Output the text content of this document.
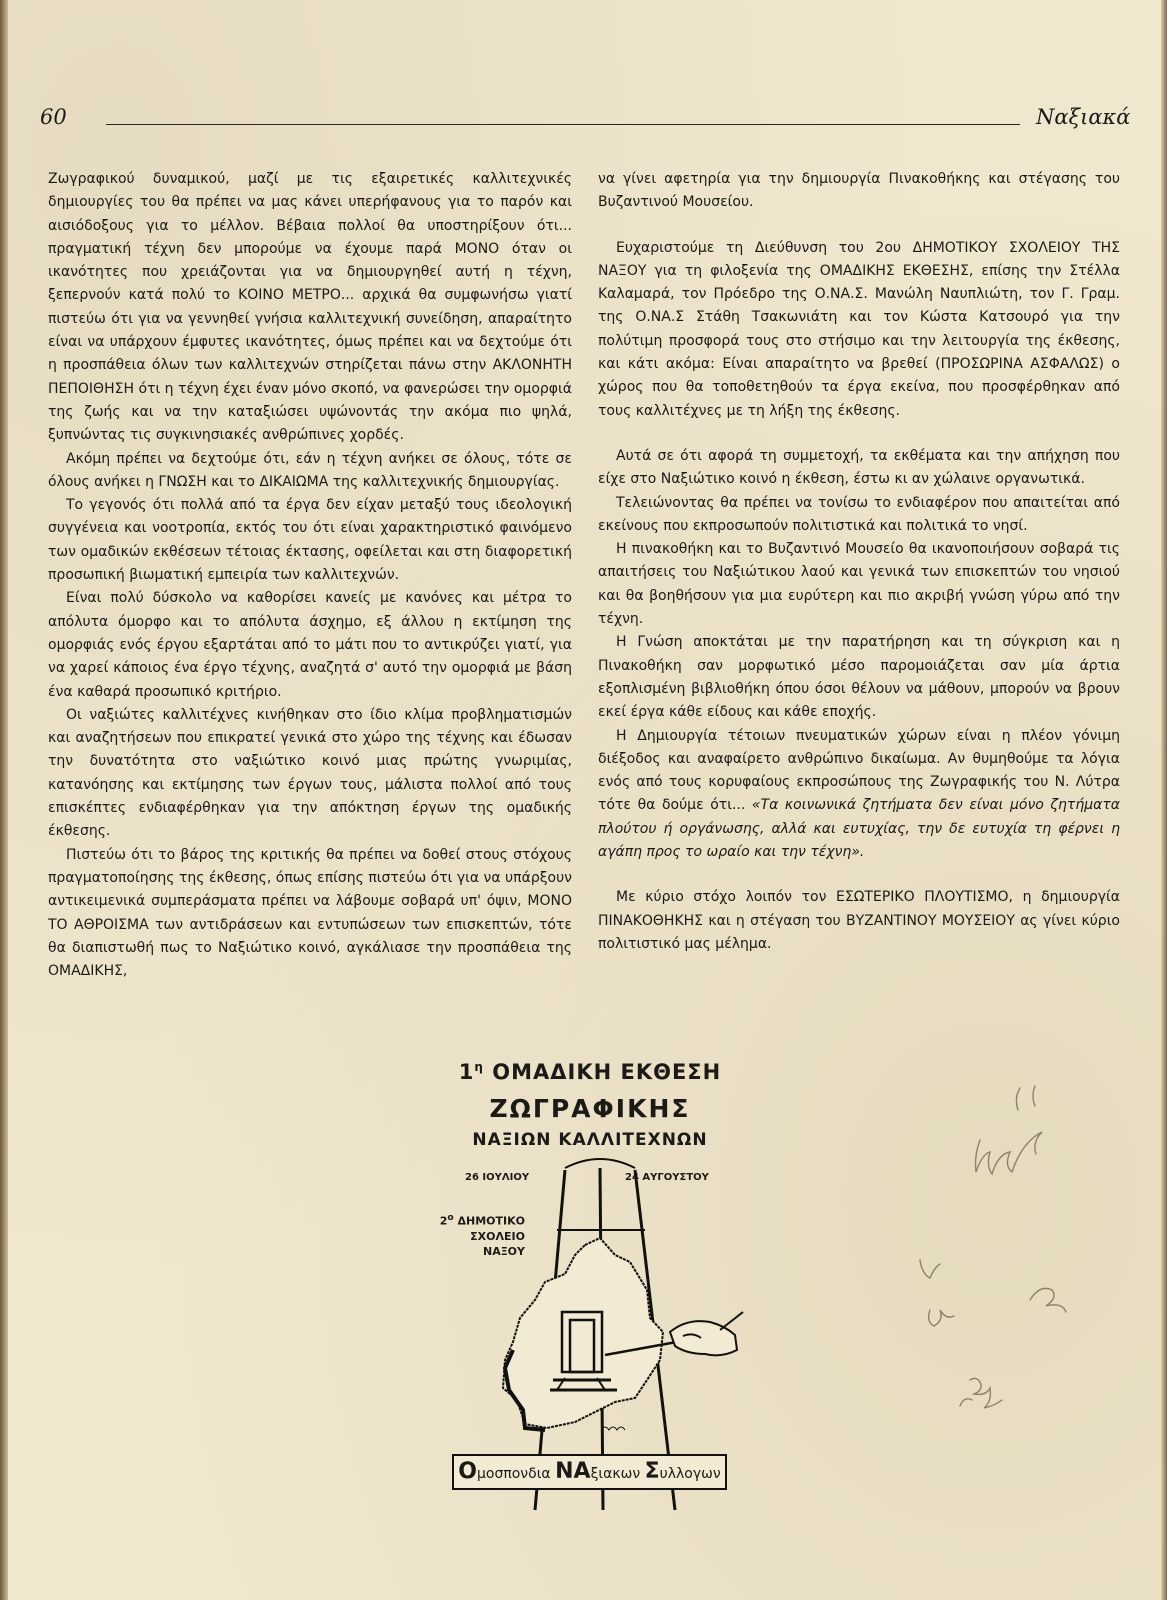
60	Ναξιακά

Ζωγραφικού δυναμικού, μαζί με τις εξαιρετικές καλλιτεχνικές δημιουργίες του θα πρέπει να μας κάνει υπερήφανους για το παρόν και αισιόδοξους για το μέλλον. Βέβαια πολλοί θα υποστηρίξουν ότι... πραγματική τέχνη δεν μπορούμε να έχουμε παρά ΜΟΝΟ όταν οι ικανότητες που χρειάζονται για να δημιουργηθεί αυτή η τέχνη, ξεπερνούν κατά πολύ το ΚΟΙΝΟ ΜΕΤΡΟ... αρχικά θα συμφωνήσω γιατί πιστεύω ότι για να γεννηθεί γνήσια καλλιτεχνική συνείδηση, απαραίτητο είναι να υπάρχουν έμφυτες ικανότητες, όμως πρέπει και να δεχτούμε ότι η προσπάθεια όλων των καλλιτεχνών στηρίζεται πάνω στην ΑΚΛΟΝΗΤΗ ΠΕΠΟΙΘΗΣΗ ότι η τέχνη έχει έναν μόνο σκοπό, να φανερώσει την ομορφιά της ζωής και να την καταξιώσει υψώνοντάς την ακόμα πιο ψηλά, ξυπνώντας τις συγκινησιακές ανθρώπινες χορδές.

Ακόμη πρέπει να δεχτούμε ότι, εάν η τέχνη ανήκει σε όλους, τότε σε όλους ανήκει η ΓΝΩΣΗ και το ΔΙΚΑΙΩΜΑ της καλλιτεχνικής δημιουργίας.

Το γεγονός ότι πολλά από τα έργα δεν είχαν μεταξύ τους ιδεολογική συγγένεια και νοοτροπία, εκτός του ότι είναι χαρακτηριστικό φαινόμενο των ομαδικών εκθέσεων τέτοιας έκτασης, οφείλεται και στη διαφορετική προσωπική βιωματική εμπειρία των καλλιτεχνών.

Είναι πολύ δύσκολο να καθορίσει κανείς με κανόνες και μέτρα το απόλυτα όμορφο και το απόλυτα άσχημο, εξ άλλου η εκτίμηση της ομορφιάς ενός έργου εξαρτάται από το μάτι που το αντικρύζει γιατί, για να χαρεί κάποιος ένα έργο τέχνης, αναζητά σ' αυτό την ομορφιά με βάση ένα καθαρά προσωπικό κριτήριο.

Οι ναξιώτες καλλιτέχνες κινήθηκαν στο ίδιο κλίμα προβληματισμών και αναζητήσεων που επικρατεί γενικά στο χώρο της τέχνης και έδωσαν την δυνατότητα στο ναξιώτικο κοινό μιας πρώτης γνωριμίας, κατανόησης και εκτίμησης των έργων τους, μάλιστα πολλοί από τους επισκέπτες ενδιαφέρθηκαν για την απόκτηση έργων της ομαδικής έκθεσης.

Πιστεύω ότι το βάρος της κριτικής θα πρέπει να δοθεί στους στόχους πραγματοποίησης της έκθεσης, όπως επίσης πιστεύω ότι για να υπάρξουν αντικειμενικά συμπεράσματα πρέπει να λάβουμε σοβαρά υπ' όψιν, ΜΟΝΟ ΤΟ ΑΘΡΟΙΣΜΑ των αντιδράσεων και εντυπώσεων των επισκεπτών, τότε θα διαπιστωθή πως το Ναξιώτικο κοινό, αγκάλιασε την προσπάθεια της ΟΜΑΔΙΚΗΣ,

να γίνει αφετηρία για την δημιουργία Πινακοθήκης και στέγασης του Βυζαντινού Μουσείου.

Ευχαριστούμε τη Διεύθυνση του 2ου ΔΗΜΟΤΙΚΟΥ ΣΧΟΛΕΙΟΥ ΤΗΣ ΝΑΞΟΥ για τη φιλοξενία της ΟΜΑΔΙΚΗΣ ΕΚΘΕΣΗΣ, επίσης την Στέλλα Καλαμαρά, τον Πρόεδρο της Ο.ΝΑ.Σ. Μανώλη Ναυπλιώτη, τον Γ. Γραμ. της Ο.ΝΑ.Σ Στάθη Τσακωνιάτη και τον Κώστα Κατσουρό για την πολύτιμη προσφορά τους στο στήσιμο και την λειτουργία της έκθεσης, και κάτι ακόμα: Είναι απαραίτητο να βρεθεί (ΠΡΟΣΩΡΙΝΑ ΑΣΦΑΛΩΣ) ο χώρος που θα τοποθετηθούν τα έργα εκείνα, που προσφέρθηκαν από τους καλλιτέχνες με τη λήξη της έκθεσης.

Αυτά σε ότι αφορά τη συμμετοχή, τα εκθέματα και την απήχηση που είχε στο Ναξιώτικο κοινό η έκθεση, έστω κι αν χώλαινε οργανωτικά.

Τελειώνοντας θα πρέπει να τονίσω το ενδιαφέρον που απαιτείται από εκείνους που εκπροσωπούν πολιτιστικά και πολιτικά το νησί.

Η πινακοθήκη και το Βυζαντινό Μουσείο θα ικανοποιήσουν σοβαρά τις απαιτήσεις του Ναξιώτικου λαού και γενικά των επισκεπτών του νησιού και θα βοηθήσουν για μια ευρύτερη και πιο ακριβή γνώση γύρω από την τέχνη.

Η Γνώση αποκτάται με την παρατήρηση και τη σύγκριση και η Πινακοθήκη σαν μορφωτικό μέσο παρομοιάζεται σαν μία άρτια εξοπλισμένη βιβλιοθήκη όπου όσοι θέλουν να μάθουν, μπορούν να βρουν εκεί έργα κάθε είδους και κάθε εποχής.

Η Δημιουργία τέτοιων πνευματικών χώρων είναι η πλέον γόνιμη διέξοδος και αναφαίρετο ανθρώπινο δικαίωμα. Αν θυμηθούμε τα λόγια ενός από τους κορυφαίους εκπροσώπους της Ζωγραφικής του Ν. Λύτρα τότε θα δούμε ότι... «Τα κοινωνικά ζητήματα δεν είναι μόνο ζητήματα πλούτου ή οργάνωσης, αλλά και ευτυχίας, την δε ευτυχία τη φέρνει η αγάπη προς το ωραίο και την τέχνη».

Με κύριο στόχο λοιπόν τον ΕΣΩΤΕΡΙΚΟ ΠΛΟΥΤΙΣΜΟ, η δημιουργία ΠΙΝΑΚΟΘΗΚΗΣ και η στέγαση του ΒΥΖΑΝΤΙΝΟΥ ΜΟΥΣΕΙΟΥ ας γίνει κύριο πολιτιστικό μας μέλημα.

$1^\eta$ ΟΜΑΔΙΚΗ ΕΚΘΕΣΗ
ΖΩΓΡΑΦΙΚΗΣ
ΝΑΞΙΩΝ ΚΑΛΛΙΤΕΧΝΩΝ
26 ΙΟΥΛΙΟΥ	24 ΑΥΓΟΥΣΤΟΥ
$2^o$ ΔΗΜΟΤΙΚΟ
ΣΧΟΛΕΙΟ
ΝΑΞΟΥ
Ομοσπονδια ΝΑξιακων Συλλογων
